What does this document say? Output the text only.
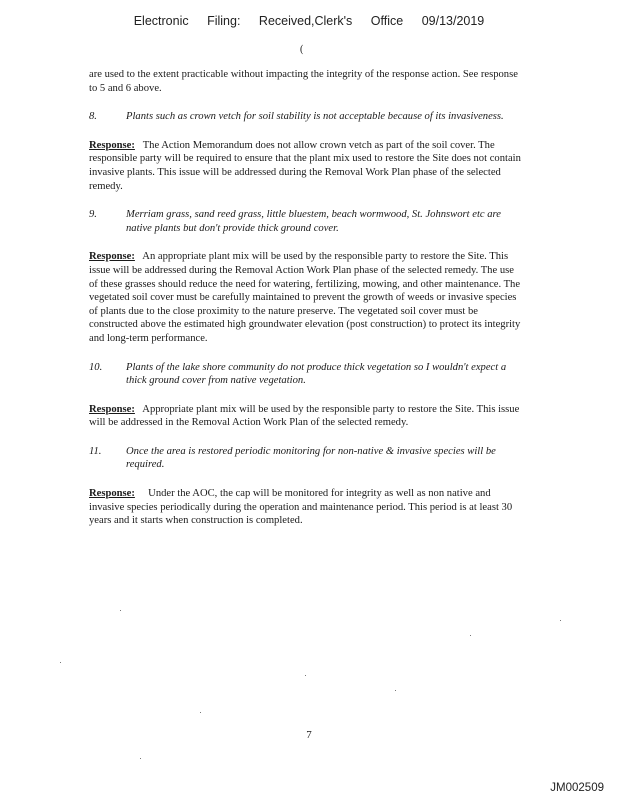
Electronic Filing: Received,Clerk's Office 09/13/2019
(

are used to the extent practicable without impacting the integrity of the response action. See response to 5 and 6 above.

8.	Plants such as crown vetch for soil stability is not acceptable because of its invasiveness.

Response: The Action Memorandum does not allow crown vetch as part of the soil cover. The responsible party will be required to ensure that the plant mix used to restore the Site does not contain invasive plants. This issue will be addressed during the Removal Work Plan phase of the selected remedy.

9.	Merriam grass, sand reed grass, little bluestem, beach wormwood, St. Johnswort etc are native plants but don't provide thick ground cover.

Response: An appropriate plant mix will be used by the responsible party to restore the Site. This issue will be addressed during the Removal Action Work Plan phase of the selected remedy. The use of these grasses should reduce the need for watering, fertilizing, mowing, and other maintenance. The vegetated soil cover must be carefully maintained to prevent the growth of weeds or invasive species of plants due to the close proximity to the nature preserve. The vegetated soil cover must be constructed above the estimated high groundwater elevation (post construction) to protect its integrity and long-term performance.

10.	Plants of the lake shore community do not produce thick vegetation so I wouldn't expect a thick ground cover from native vegetation.

Response: Appropriate plant mix will be used by the responsible party to restore the Site. This issue will be addressed in the Removal Action Work Plan of the selected remedy.

11.	Once the area is restored periodic monitoring for non-native & invasive species will be required.

Response: Under the AOC, the cap will be monitored for integrity as well as non native and invasive species periodically during the operation and maintenance period. This period is at least 30 years and it starts when construction is completed.

7
JM002509
